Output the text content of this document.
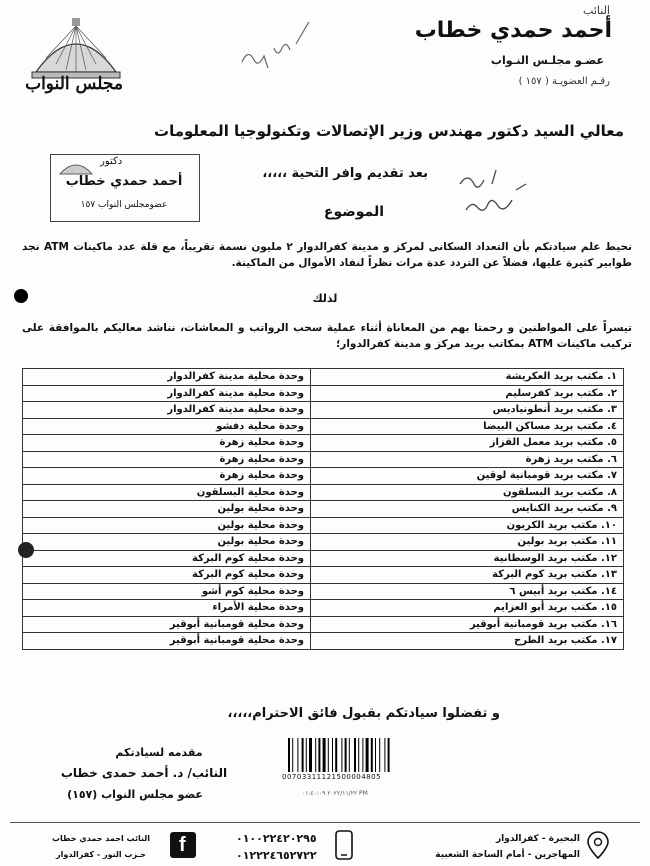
النائب
أحمد حمدي خطاب
عضـو مجلـس النـواب
رقـم العضويـة ( ١٥٧ )
مجلس النواب
معالي السيد دكتور مهندس وزير الإتصالات وتكنولوجيا المعلومات
بعد تقديم وافر التحية ،،،،،
الموضوع
دكتور
أحمد حمدي خطاب
عضومجلس النواب ١٥٧
نحيط علم سيادتكم بأن التعداد السكانى لمركز و مدينة كفرالدوار ٢ مليون نسمة تقريباً، مع قلة عدد ماكينات ATM نجد طوابير كثيرة عليها، فضلاً عن التردد عدة مرات نظراً لنفاد الأموال من الماكينة.
لذلك
تيسراً على المواطنين و رحمتا بهم من المعاناة أثناء عملية سحب الرواتب و المعاشات، نناشد معاليكم بالموافقة على تركيب ماكينات ATM بمكاتب بريد مركز و مدينة كفرالدوار؛
١. مكتب بريد العكريشة	وحدة محلية مدينة كفرالدوار
٢. مكتب بريد كفرسليم	وحدة محلية مدينة كفرالدوار
٣. مكتب بريد أنطونياديس	وحدة محلية مدينة كفرالدوار
٤. مكتب بريد مساكن البيضا	وحدة محلية دفشو
٥. مكتب بريد معمل القزاز	وحدة محلية زهرة
٦. مكتب بريد زهرة	وحدة محلية زهرة
٧. مكتب بريد قومبانية لوقين	وحدة محلية زهرة
٨. مكتب بريد البسلقون	وحدة محلية البسلقون
٩. مكتب بريد الكنايس	وحدة محلية بولين
١٠. مكتب بريد الكريون	وحدة محلية بولين
١١. مكتب بريد بولين	وحدة محلية بولين
١٢. مكتب بريد الوسطانية	وحدة محلية كوم البركة
١٣. مكتب بريد كوم البركة	وحدة محلية كوم البركة
١٤. مكتب بريد أبيس ٦	وحدة محلية كوم أشو
١٥. مكتب بريد أبو العزايم	وحدة محلية الأمراء
١٦. مكتب بريد قومبانية أبوقير	وحدة محلية قومبانية أبوقير
١٧. مكتب بريد الطرح	وحدة محلية قومبانية أبوقير
و تفضلوا سيادتكم بقبول فائق الاحترام،،،،،
مقدمه لسيادتكم
النائب/ د. أحمد حمدى خطاب
عضو مجلس النواب (١٥٧)
00703311121500004805
٢٠٢٢/١١/٢٢ ٠١:٤٠:٠٩ PM
البحيرة - كفرالدوار
المهاجرين - أمام الساحة الشعبية
٠١٠٠٢٢٤٢٠٢٩٥
٠١٢٢٢٤٦٥٢٧٢٢
f
النائب احمد حمدي خطاب
حـزب النور - كفرالدوار
